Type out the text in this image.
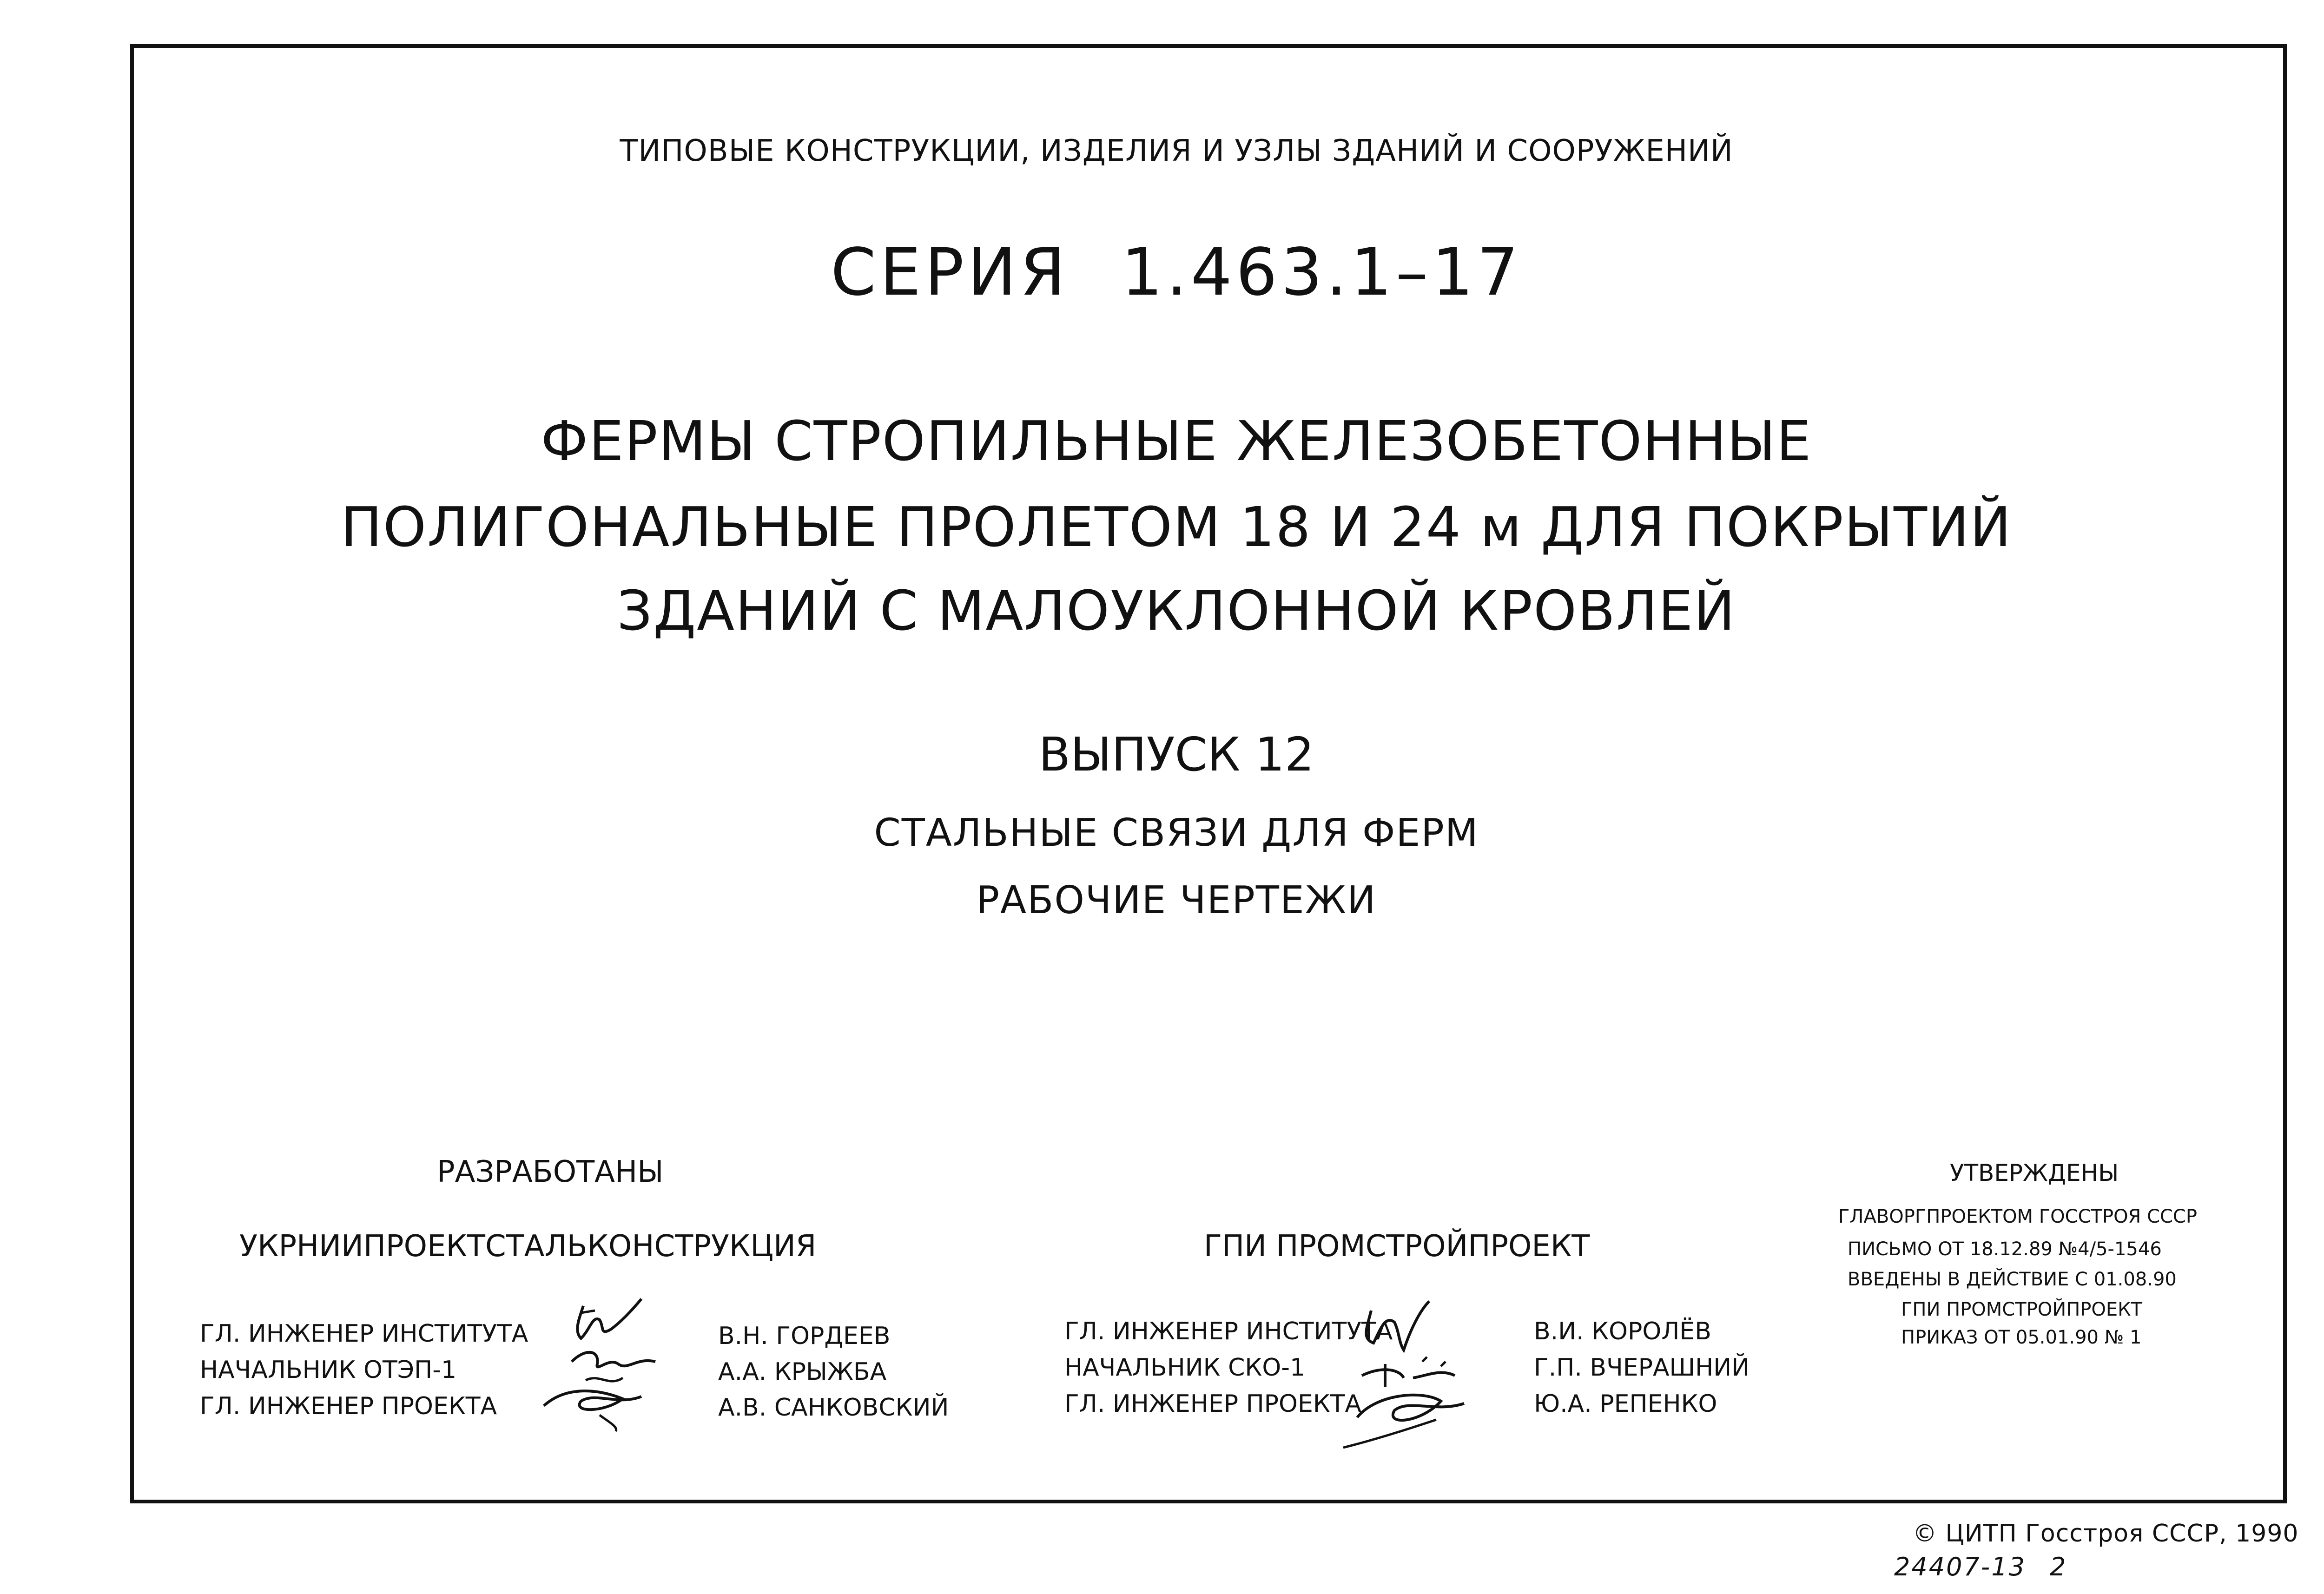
ТИПОВЫЕ КОНСТРУКЦИИ, ИЗДЕЛИЯ И УЗЛЫ ЗДАНИЙ И СООРУЖЕНИЙ
СЕРИЯ 1.463.1–17
ФЕРМЫ СТРОПИЛЬНЫЕ ЖЕЛЕЗОБЕТОННЫЕ
ПОЛИГОНАЛЬНЫЕ ПРОЛЕТОМ 18 И 24 м ДЛЯ ПОКРЫТИЙ
ЗДАНИЙ С МАЛОУКЛОННОЙ КРОВЛЕЙ
ВЫПУСК 12
СТАЛЬНЫЕ СВЯЗИ ДЛЯ ФЕРМ
РАБОЧИЕ ЧЕРТЕЖИ
РАЗРАБОТАНЫ
УКРНИИПРОЕКТСТАЛЬКОНСТРУКЦИЯ
ГЛ. ИНЖЕНЕР ИНСТИТУТА
НАЧАЛЬНИК ОТЭП-1
ГЛ. ИНЖЕНЕР ПРОЕКТА
В.Н. ГОРДЕЕВ
А.А. КРЫЖБА
А.В. САНКОВСКИЙ
ГПИ ПРОМСТРОЙПРОЕКТ
ГЛ. ИНЖЕНЕР ИНСТИТУТА
НАЧАЛЬНИК СКО-1
ГЛ. ИНЖЕНЕР ПРОЕКТА
В.И. КОРОЛЁВ
Г.П. ВЧЕРАШНИЙ
Ю.А. РЕПЕНКО
УТВЕРЖДЕНЫ
ГЛАВОРГПРОЕКТОМ ГОССТРОЯ СССР
ПИСЬМО ОТ 18.12.89 №4/5-1546
ВВЕДЕНЫ В ДЕЙСТВИЕ С 01.08.90
ГПИ ПРОМСТРОЙПРОЕКТ
ПРИКАЗ ОТ 05.01.90 № 1
© ЦИТП Госстроя СССР, 1990
24407-13 2
